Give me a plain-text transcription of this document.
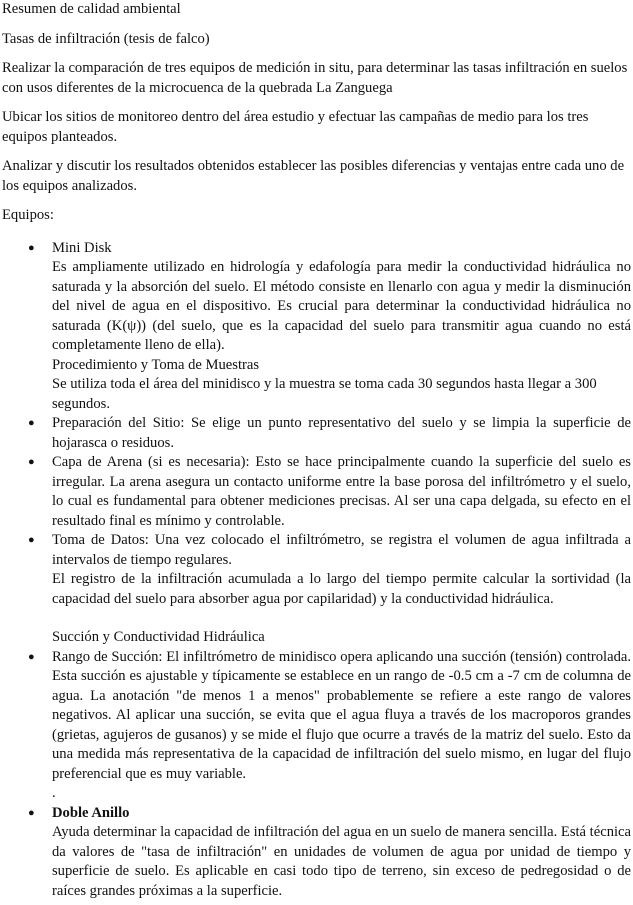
Resumen de calidad ambiental

Tasas de infiltración (tesis de falco)

Realizar la comparación de tres equipos de medición in situ, para determinar las tasas infiltración en suelos con usos diferentes de la microcuenca de la quebrada La Zanguega

Ubicar los sitios de monitoreo dentro del área estudio y efectuar las campañas de medio para los tres equipos planteados.

Analizar y discutir los resultados obtenidos establecer las posibles diferencias y ventajas entre cada uno de los equipos analizados.

Equipos:

● Mini Disk
Es ampliamente utilizado en hidrología y edafología para medir la conductividad hidráulica no saturada y la absorción del suelo. El método consiste en llenarlo con agua y medir la disminución del nivel de agua en el dispositivo. Es crucial para determinar la conductividad hidráulica no saturada (K(ψ)) (del suelo, que es la capacidad del suelo para transmitir agua cuando no está completamente lleno de ella).
Procedimiento y Toma de Muestras
Se utiliza toda el área del minidisco y la muestra se toma cada 30 segundos hasta llegar a 300 segundos.
● Preparación del Sitio: Se elige un punto representativo del suelo y se limpia la superficie de hojarasca o residuos.
● Capa de Arena (si es necesaria): Esto se hace principalmente cuando la superficie del suelo es irregular. La arena asegura un contacto uniforme entre la base porosa del infiltrómetro y el suelo, lo cual es fundamental para obtener mediciones precisas. Al ser una capa delgada, su efecto en el resultado final es mínimo y controlable.
● Toma de Datos: Una vez colocado el infiltrómetro, se registra el volumen de agua infiltrada a intervalos de tiempo regulares.
El registro de la infiltración acumulada a lo largo del tiempo permite calcular la sortividad (la capacidad del suelo para absorber agua por capilaridad) y la conductividad hidráulica.
Succión y Conductividad Hidráulica
● Rango de Succión: El infiltrómetro de minidisco opera aplicando una succión (tensión) controlada. Esta succión es ajustable y típicamente se establece en un rango de -0.5 cm a -7 cm de columna de agua. La anotación "de menos 1 a menos" probablemente se refiere a este rango de valores negativos. Al aplicar una succión, se evita que el agua fluya a través de los macroporos grandes (grietas, agujeros de gusanos) y se mide el flujo que ocurre a través de la matriz del suelo. Esto da una medida más representativa de la capacidad de infiltración del suelo mismo, en lugar del flujo preferencial que es muy variable.
.
● Doble Anillo
Ayuda determinar la capacidad de infiltración del agua en un suelo de manera sencilla. Está técnica da valores de "tasa de infiltración" en unidades de volumen de agua por unidad de tiempo y superficie de suelo. Es aplicable en casi todo tipo de terreno, sin exceso de pedregosidad o de raíces grandes próximas a la superficie.
